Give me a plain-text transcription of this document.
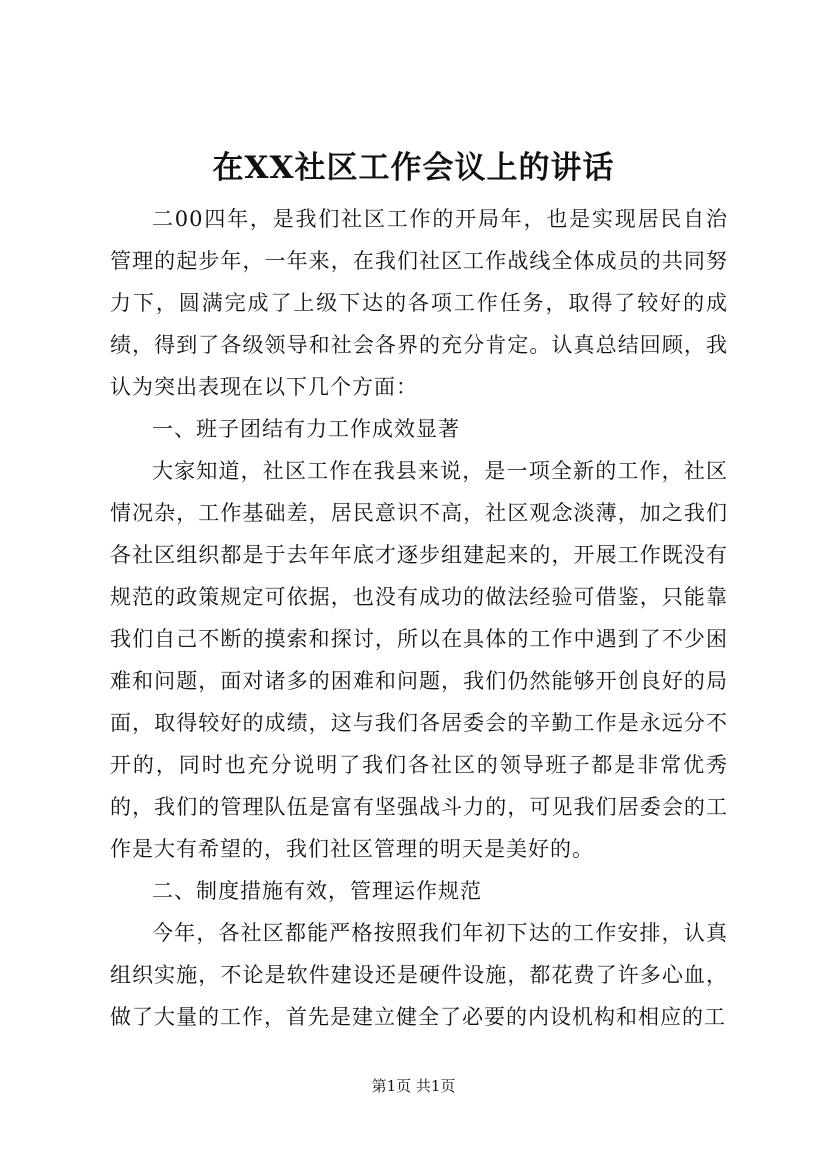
在XX社区工作会议上的讲话

二00四年，是我们社区工作的开局年，也是实现居民自治管理的起步年，一年来，在我们社区工作战线全体成员的共同努力下，圆满完成了上级下达的各项工作任务，取得了较好的成绩，得到了各级领导和社会各界的充分肯定。认真总结回顾，我认为突出表现在以下几个方面：

一、班子团结有力工作成效显著

大家知道，社区工作在我县来说，是一项全新的工作，社区情况杂，工作基础差，居民意识不高，社区观念淡薄，加之我们各社区组织都是于去年年底才逐步组建起来的，开展工作既没有规范的政策规定可依据，也没有成功的做法经验可借鉴，只能靠我们自己不断的摸索和探讨，所以在具体的工作中遇到了不少困难和问题，面对诸多的困难和问题，我们仍然能够开创良好的局面，取得较好的成绩，这与我们各居委会的辛勤工作是永远分不开的，同时也充分说明了我们各社区的领导班子都是非常优秀的，我们的管理队伍是富有坚强战斗力的，可见我们居委会的工作是大有希望的，我们社区管理的明天是美好的。

二、制度措施有效，管理运作规范

今年，各社区都能严格按照我们年初下达的工作安排，认真组织实施，不论是软件建设还是硬件设施，都花费了许多心血，做了大量的工作，首先是建立健全了必要的内设机构和相应的工

第1页 共1页
